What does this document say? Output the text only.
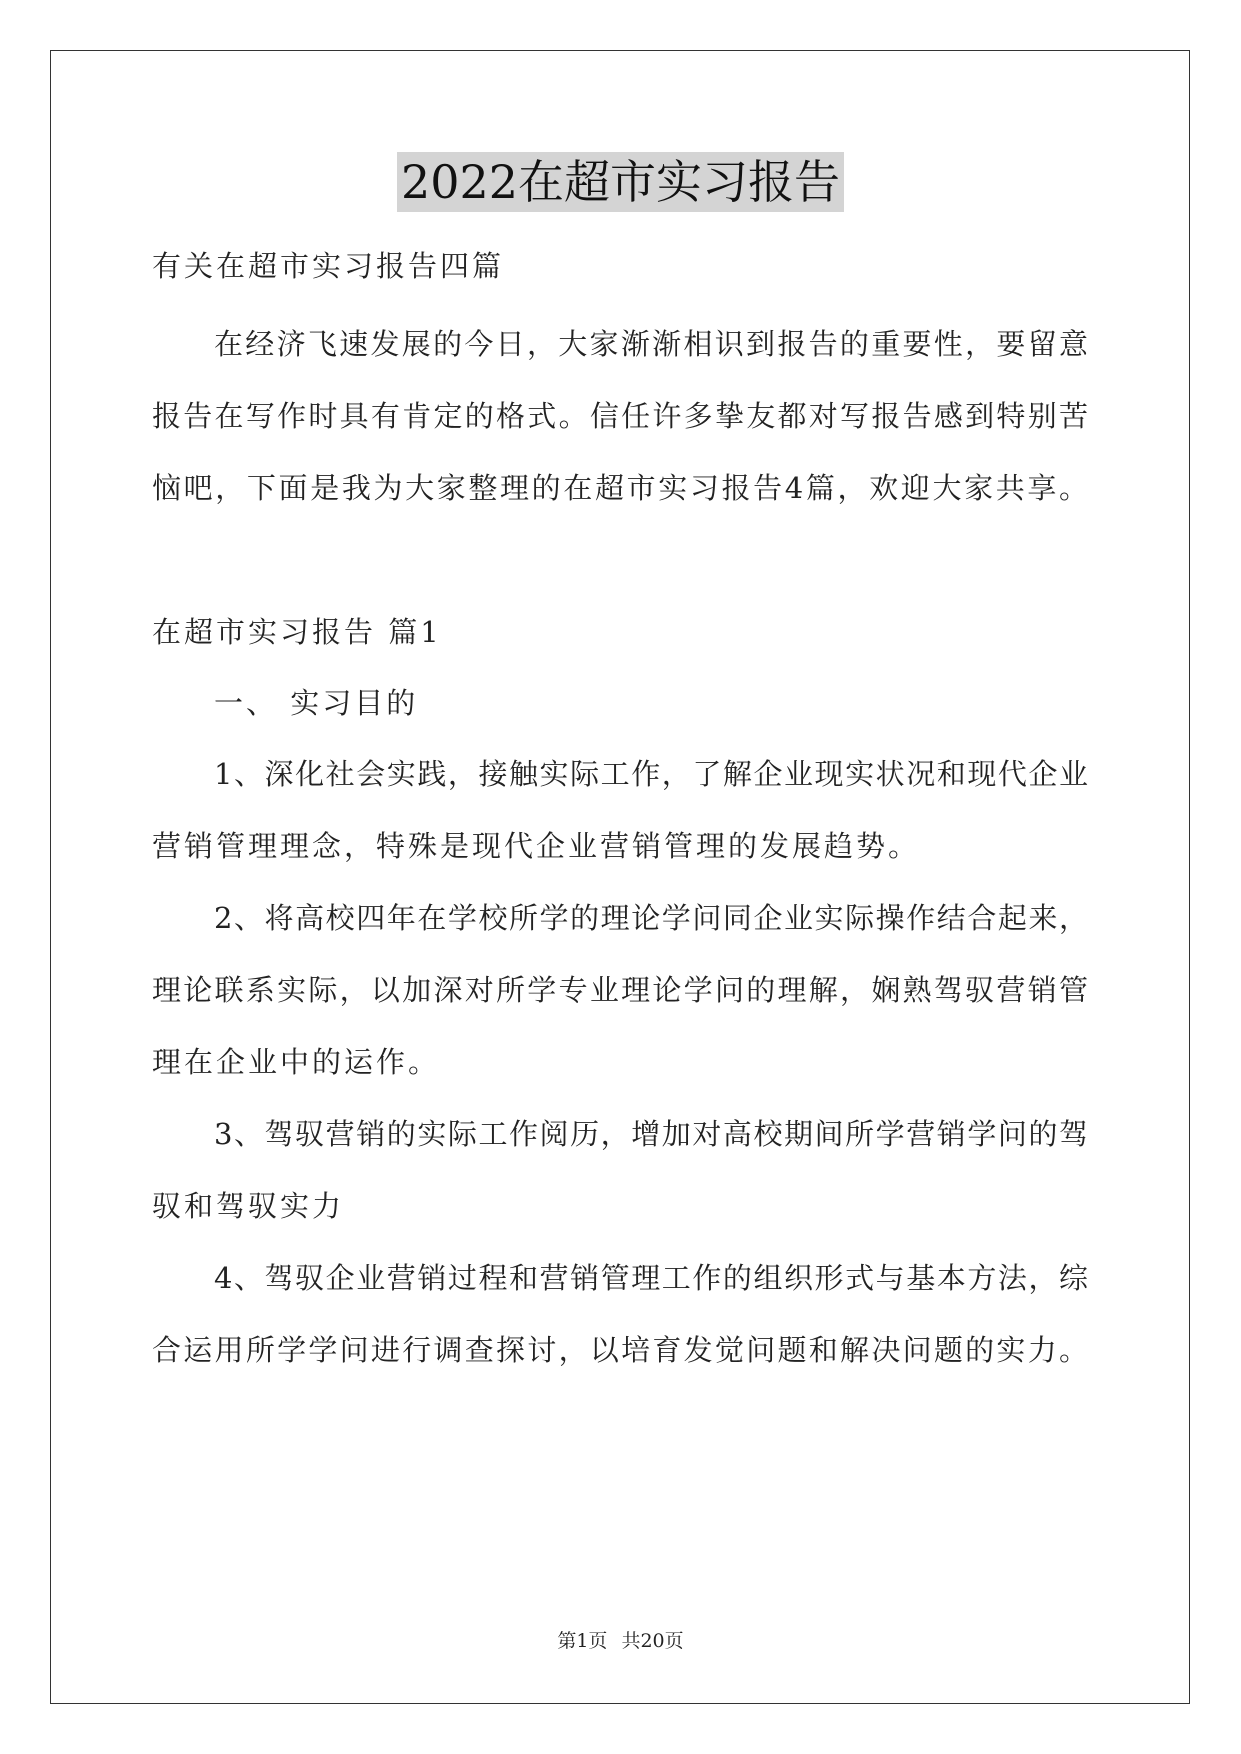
2022在超市实习报告
有关在超市实习报告四篇
在经济飞速发展的今日，大家渐渐相识到报告的重要性，要留意
报告在写作时具有肯定的格式。信任许多挚友都对写报告感到特别苦
恼吧，下面是我为大家整理的在超市实习报告4篇，欢迎大家共享。
在超市实习报告 篇1
一、 实习目的
1、深化社会实践，接触实际工作，了解企业现实状况和现代企业
营销管理理念，特殊是现代企业营销管理的发展趋势。
2、将高校四年在学校所学的理论学问同企业实际操作结合起来，
理论联系实际，以加深对所学专业理论学问的理解，娴熟驾驭营销管
理在企业中的运作。
3、驾驭营销的实际工作阅历，增加对高校期间所学营销学问的驾
驭和驾驭实力
4、驾驭企业营销过程和营销管理工作的组织形式与基本方法，综
合运用所学学问进行调查探讨，以培育发觉问题和解决问题的实力。
第1页 共20页
